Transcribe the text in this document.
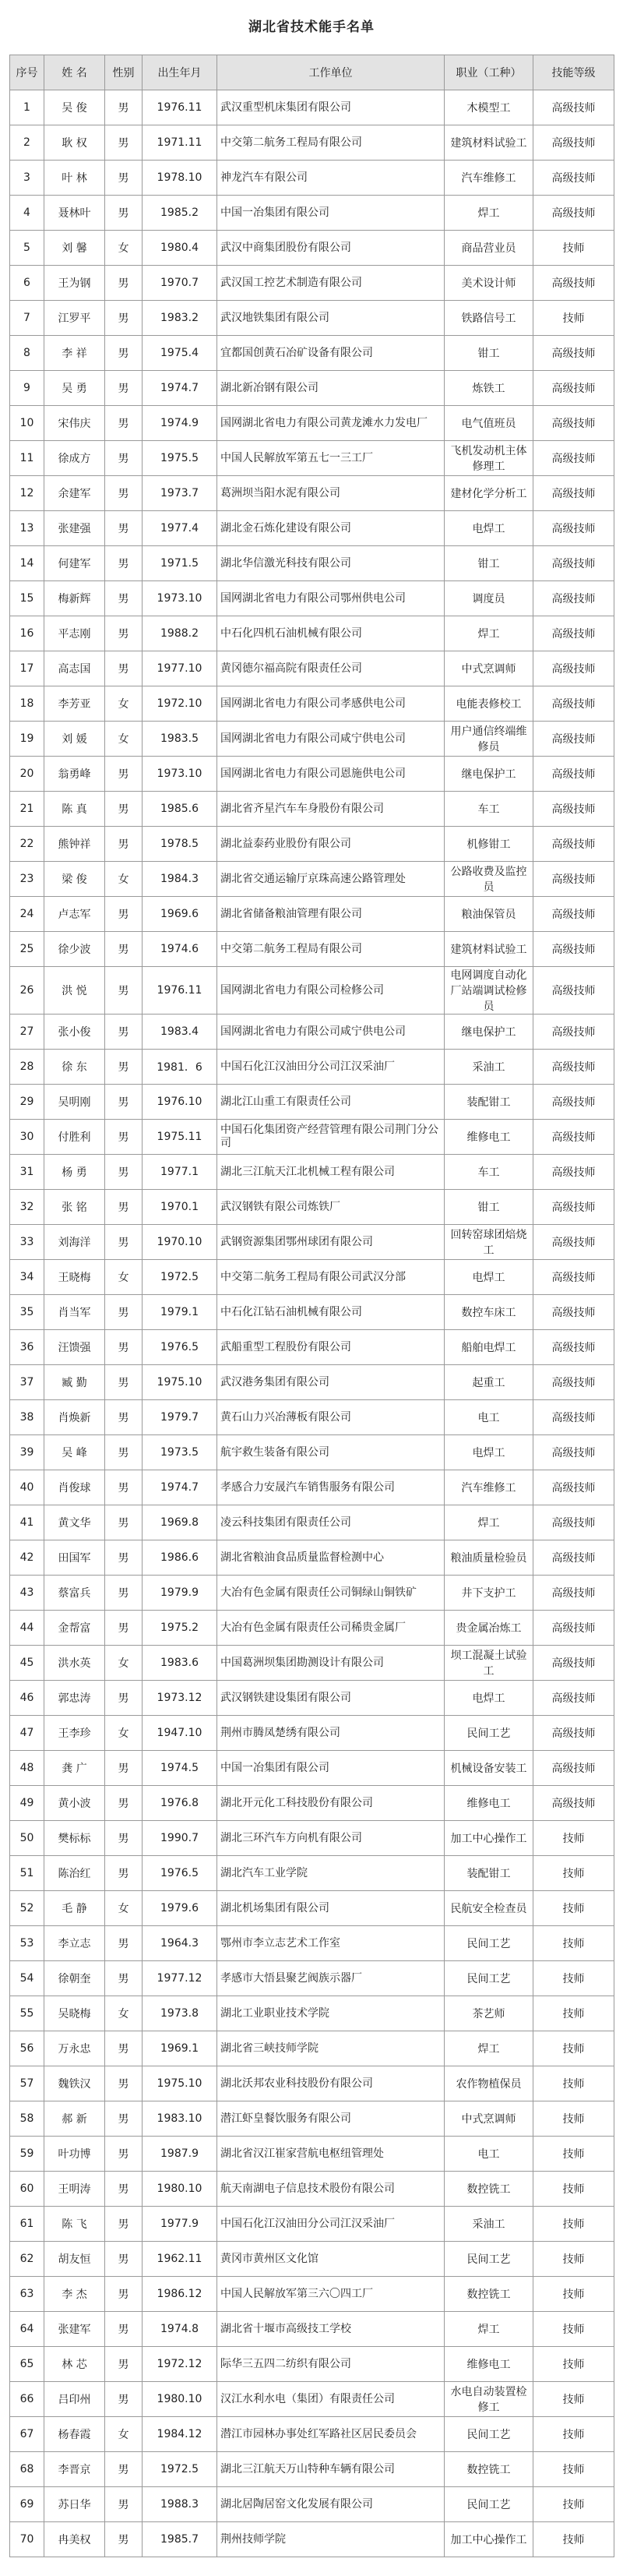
湖北省技术能手名单
序号	姓 名	性别	出生年月	工作单位	职业（工种）	技能等级
1	吴 俊	男	1976.11	武汉重型机床集团有限公司	木模型工	高级技师
2	耿 权	男	1971.11	中交第二航务工程局有限公司	建筑材料试验工	高级技师
3	叶 林	男	1978.10	神龙汽车有限公司	汽车维修工	高级技师
4	聂林叶	男	1985.2	中国一冶集团有限公司	焊工	高级技师
5	刘 馨	女	1980.4	武汉中商集团股份有限公司	商品营业员	技师
6	王为钢	男	1970.7	武汉国工控艺术制造有限公司	美术设计师	高级技师
7	江罗平	男	1983.2	武汉地铁集团有限公司	铁路信号工	技师
8	李 祥	男	1975.4	宜都国创黄石冶矿设备有限公司	钳工	高级技师
9	吴 勇	男	1974.7	湖北新冶钢有限公司	炼铁工	高级技师
10	宋伟庆	男	1974.9	国网湖北省电力有限公司黄龙滩水力发电厂	电气值班员	高级技师
11	徐成方	男	1975.5	中国人民解放军第五七一三工厂	飞机发动机主体修理工	高级技师
12	余建军	男	1973.7	葛洲坝当阳水泥有限公司	建材化学分析工	高级技师
13	张建强	男	1977.4	湖北金石炼化建设有限公司	电焊工	高级技师
14	何建军	男	1971.5	湖北华信激光科技有限公司	钳工	高级技师
15	梅新辉	男	1973.10	国网湖北省电力有限公司鄂州供电公司	调度员	高级技师
16	平志刚	男	1988.2	中石化四机石油机械有限公司	焊工	高级技师
17	高志国	男	1977.10	黄冈德尔福高院有限责任公司	中式烹调师	高级技师
18	李芳亚	女	1972.10	国网湖北省电力有限公司孝感供电公司	电能表修校工	高级技师
19	刘 媛	女	1983.5	国网湖北省电力有限公司咸宁供电公司	用户通信终端维修员	高级技师
20	翁勇峰	男	1973.10	国网湖北省电力有限公司恩施供电公司	继电保护工	高级技师
21	陈 真	男	1985.6	湖北省齐星汽车车身股份有限公司	车工	高级技师
22	熊钟祥	男	1978.5	湖北益泰药业股份有限公司	机修钳工	高级技师
23	梁 俊	女	1984.3	湖北省交通运输厅京珠高速公路管理处	公路收费及监控员	高级技师
24	卢志军	男	1969.6	湖北省储备粮油管理有限公司	粮油保管员	高级技师
25	徐少波	男	1974.6	中交第二航务工程局有限公司	建筑材料试验工	高级技师
26	洪 悦	男	1976.11	国网湖北省电力有限公司检修公司	电网调度自动化厂站端调试检修员	高级技师
27	张小俊	男	1983.4	国网湖北省电力有限公司咸宁供电公司	继电保护工	高级技师
28	徐 东	男	1981．6	中国石化江汉油田分公司江汉采油厂	采油工	高级技师
29	吴明刚	男	1976.10	湖北江山重工有限责任公司	装配钳工	高级技师
30	付胜利	男	1975.11	中国石化集团资产经营管理有限公司荆门分公司	维修电工	高级技师
31	杨 勇	男	1977.1	湖北三江航天江北机械工程有限公司	车工	高级技师
32	张 铭	男	1970.1	武汉钢铁有限公司炼铁厂	钳工	高级技师
33	刘海洋	男	1970.10	武钢资源集团鄂州球团有限公司	回转窑球团焙烧工	高级技师
34	王晓梅	女	1972.5	中交第二航务工程局有限公司武汉分部	电焊工	高级技师
35	肖当军	男	1979.1	中石化江钻石油机械有限公司	数控车床工	高级技师
36	汪馈强	男	1976.5	武船重型工程股份有限公司	船舶电焊工	高级技师
37	臧 勤	男	1975.10	武汉港务集团有限公司	起重工	高级技师
38	肖焕新	男	1979.7	黄石山力兴冶薄板有限公司	电工	高级技师
39	吴 峰	男	1973.5	航宇救生装备有限公司	电焊工	高级技师
40	肖俊球	男	1974.7	孝感合力安晟汽车销售服务有限公司	汽车维修工	高级技师
41	黄文华	男	1969.8	凌云科技集团有限责任公司	焊工	高级技师
42	田国军	男	1986.6	湖北省粮油食品质量监督检测中心	粮油质量检验员	高级技师
43	蔡富兵	男	1979.9	大冶有色金属有限责任公司铜绿山铜铁矿	井下支护工	高级技师
44	金帮富	男	1975.2	大冶有色金属有限责任公司稀贵金属厂	贵金属冶炼工	高级技师
45	洪水英	女	1983.6	中国葛洲坝集团勘测设计有限公司	坝工混凝土试验工	高级技师
46	郭忠涛	男	1973.12	武汉钢铁建设集团有限公司	电焊工	高级技师
47	王李珍	女	1947.10	荆州市腾凤楚绣有限公司	民间工艺	高级技师
48	龚 广	男	1974.5	中国一冶集团有限公司	机械设备安装工	高级技师
49	黄小波	男	1976.8	湖北开元化工科技股份有限公司	维修电工	高级技师
50	樊标标	男	1990.7	湖北三环汽车方向机有限公司	加工中心操作工	技师
51	陈治红	男	1976.5	湖北汽车工业学院	装配钳工	技师
52	毛 静	女	1979.6	湖北机场集团有限公司	民航安全检查员	技师
53	李立志	男	1964.3	鄂州市李立志艺术工作室	民间工艺	技师
54	徐朝奎	男	1977.12	孝感市大悟县聚艺阀族示器厂	民间工艺	技师
55	吴晓梅	女	1973.8	湖北工业职业技术学院	茶艺师	技师
56	万永忠	男	1969.1	湖北省三峡技师学院	焊工	技师
57	魏铁汉	男	1975.10	湖北沃邦农业科技股份有限公司	农作物植保员	技师
58	郝 新	男	1983.10	潜江虾皇餐饮服务有限公司	中式烹调师	技师
59	叶功博	男	1987.9	湖北省汉江崔家营航电枢纽管理处	电工	技师
60	王明涛	男	1980.10	航天南湖电子信息技术股份有限公司	数控铣工	技师
61	陈 飞	男	1977.9	中国石化江汉油田分公司江汉采油厂	采油工	技师
62	胡友恒	男	1962.11	黄冈市黄州区文化馆	民间工艺	技师
63	李 杰	男	1986.12	中国人民解放军第三六〇四工厂	数控铣工	技师
64	张建军	男	1974.8	湖北省十堰市高级技工学校	焊工	技师
65	林 芯	男	1972.12	际华三五四二纺织有限公司	维修电工	技师
66	吕印州	男	1980.10	汉江水利水电（集团）有限责任公司	水电自动装置检修工	技师
67	杨春霞	女	1984.12	潜江市园林办事处红军路社区居民委员会	民间工艺	技师
68	李晋京	男	1972.5	湖北三江航天万山特种车辆有限公司	数控铣工	技师
69	苏日华	男	1988.3	湖北居陶居窑文化发展有限公司	民间工艺	技师
70	冉美权	男	1985.7	荆州技师学院	加工中心操作工	技师
